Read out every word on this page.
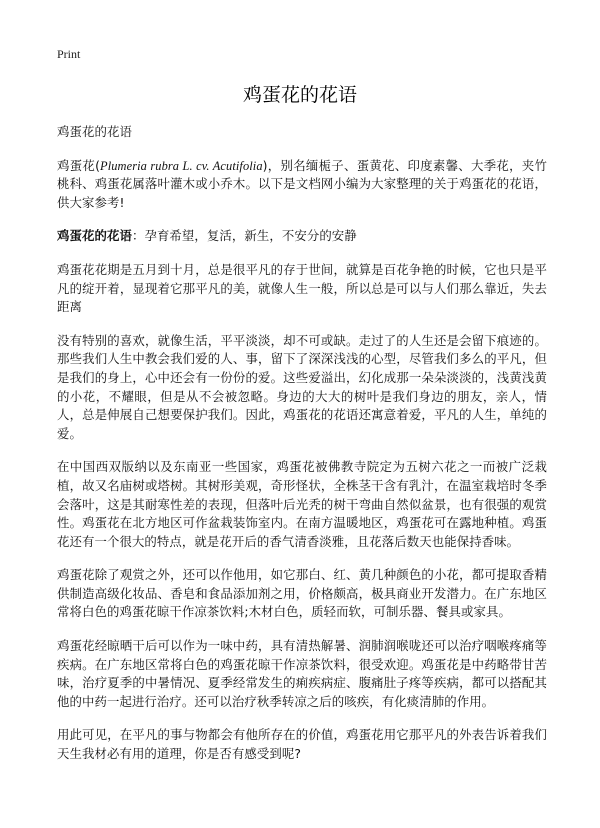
Print
鸡蛋花的花语

鸡蛋花的花语

鸡蛋花(Plumeria rubra L. cv. Acutifolia)，别名缅栀子、蛋黄花、印度素馨、大季花，夹竹桃科、鸡蛋花属落叶灌木或小乔木。以下是文档网小编为大家整理的关于鸡蛋花的花语，供大家参考!

鸡蛋花的花语：孕育希望，复活，新生，不安分的安静

鸡蛋花花期是五月到十月，总是很平凡的存于世间，就算是百花争艳的时候，它也只是平凡的绽开着，显现着它那平凡的美，就像人生一般，所以总是可以与人们那么靠近，失去距离

没有特别的喜欢，就像生活，平平淡淡，却不可或缺。走过了的人生还是会留下痕迹的。那些我们人生中教会我们爱的人、事，留下了深深浅浅的心型，尽管我们多么的平凡，但是我们的身上，心中还会有一份份的爱。这些爱溢出，幻化成那一朵朵淡淡的，浅黄浅黄的小花，不耀眼，但是从不会被忽略。身边的大大的树叶是我们身边的朋友，亲人，情人，总是伸展自己想要保护我们。因此，鸡蛋花的花语还寓意着爱，平凡的人生，单纯的爱。

在中国西双版纳以及东南亚一些国家，鸡蛋花被佛教寺院定为五树六花之一而被广泛栽植，故又名庙树或塔树。其树形美观，奇形怪状，全株茎干含有乳汁，在温室栽培时冬季会落叶，这是其耐寒性差的表现，但落叶后光秃的树干弯曲自然似盆景，也有很强的观赏性。鸡蛋花在北方地区可作盆栽装饰室内。在南方温暖地区，鸡蛋花可在露地种植。鸡蛋花还有一个很大的特点，就是花开后的香气清香淡雅，且花落后数天也能保持香味。

鸡蛋花除了观赏之外，还可以作他用，如它那白、红、黄几种颜色的小花，都可提取香精供制造高级化妆品、香皂和食品添加剂之用，价格颇高，极具商业开发潜力。在广东地区常将白色的鸡蛋花晾干作凉茶饮料;木材白色，质轻而软，可制乐器、餐具或家具。

鸡蛋花经晾晒干后可以作为一味中药，具有清热解暑、润肺润喉咙还可以治疗咽喉疼痛等疾病。在广东地区常将白色的鸡蛋花晾干作凉茶饮料，很受欢迎。鸡蛋花是中药略带甘苦味，治疗夏季的中暑情况、夏季经常发生的痢疾病症、腹痛肚子疼等疾病，都可以搭配其他的中药一起进行治疗。还可以治疗秋季转凉之后的咳疾，有化痰清肺的作用。

用此可见，在平凡的事与物都会有他所存在的价值，鸡蛋花用它那平凡的外表告诉着我们天生我材必有用的道理，你是否有感受到呢?
